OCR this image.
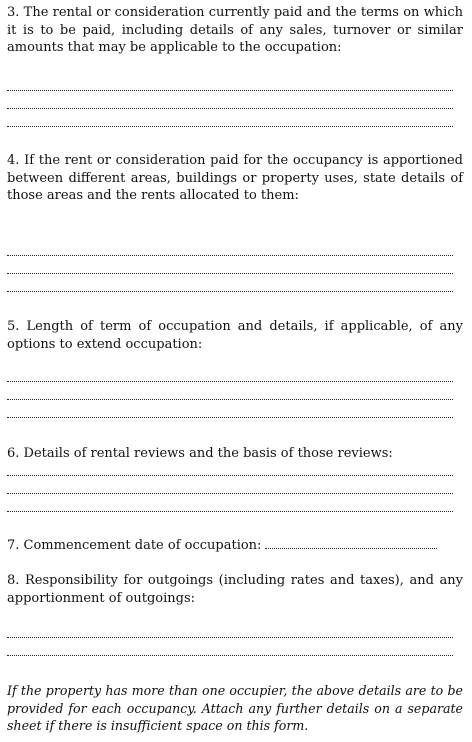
3. The rental or consideration currently paid and the terms on which it is to be paid, including details of any sales, turnover or similar amounts that may be applicable to the occupation:

4. If the rent or consideration paid for the occupancy is apportioned between different areas, buildings or property uses, state details of those areas and the rents allocated to them:

5. Length of term of occupation and details, if applicable, of any options to extend occupation:

6. Details of rental reviews and the basis of those reviews:

7. Commencement date of occupation:

8. Responsibility for outgoings (including rates and taxes), and any apportionment of outgoings:

If the property has more than one occupier, the above details are to be provided for each occupancy. Attach any further details on a separate sheet if there is insufficient space on this form.
